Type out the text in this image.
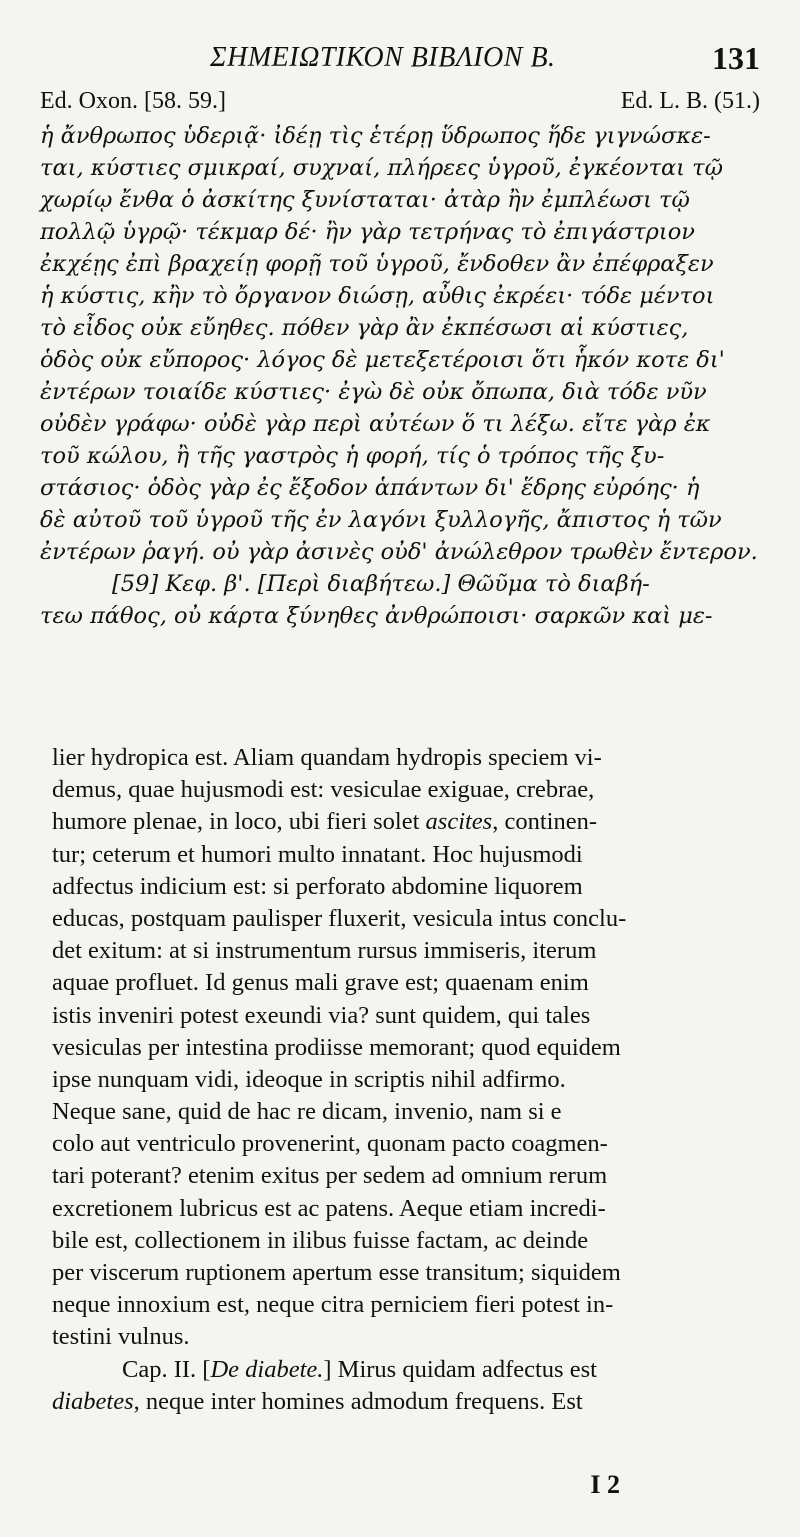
ΣΗΜΕΙΩΤΙΚΟΝ ΒΙΒΛΙΟΝ Β.	131
Ed. Oxon. [58. 59.]	Ed. L. B. (51.)
ἡ ἄνθρωπος ὑδεριᾷ· ἰδέῃ τὶς ἑτέρῃ ὕδρωπος ἥδε γιγνώσκε-
ται, κύστιες σμικραί, συχναί, πλήρεες ὑγροῦ, ἐγκέονται τῷ
χωρίῳ ἔνθα ὁ ἀσκίτης ξυνίσταται· ἀτὰρ ἢν ἐμπλέωσι τῷ
πολλῷ ὑγρῷ· τέκμαρ δέ· ἢν γὰρ τετρήνας τὸ ἐπιγάστριον
ἐκχέῃς ἐπὶ βραχείῃ φορῇ τοῦ ὑγροῦ, ἔνδοθεν ἂν ἐπέφραξεν
ἡ κύστις, κἢν τὸ ὄργανον διώσῃ, αὖθις ἐκρέει· τόδε μέντοι
τὸ εἶδος οὐκ εὔηθες. πόθεν γὰρ ἂν ἐκπέσωσι αἱ κύστιες,
ὁδὸς οὐκ εὔπορος· λόγος δὲ μετεξετέροισι ὅτι ἧκόν κοτε δι'
ἐντέρων τοιαίδε κύστιες· ἐγὼ δὲ οὐκ ὄπωπα, διὰ τόδε νῦν
οὐδὲν γράφω· οὐδὲ γὰρ περὶ αὐτέων ὅ τι λέξω. εἴτε γὰρ ἐκ
τοῦ κώλου, ἢ τῆς γαστρὸς ἡ φορή, τίς ὁ τρόπος τῆς ξυ-
στάσιος· ὁδὸς γὰρ ἐς ἔξοδον ἁπάντων δι' ἕδρης εὐρόης· ἡ
δὲ αὐτοῦ τοῦ ὑγροῦ τῆς ἐν λαγόνι ξυλλογῆς, ἄπιστος ἡ τῶν
ἐντέρων ῥαγή. οὐ γὰρ ἀσινὲς οὐδ' ἀνώλεθρον τρωθὲν ἔντερον.
[59] Κεφ. β'. [Περὶ διαβήτεω.] Θῶῦμα τὸ διαβή-
τεω πάθος, οὐ κάρτα ξύνηθες ἀνθρώποισι· σαρκῶν καὶ με-
lier hydropica est. Aliam quandam hydropis speciem vi-
demus, quae hujusmodi est: vesiculae exiguae, crebrae,
humore plenae, in loco, ubi fieri solet ascites, continen-
tur; ceterum et humori multo innatant. Hoc hujusmodi
adfectus indicium est: si perforato abdomine liquorem
educas, postquam paulisper fluxerit, vesicula intus conclu-
det exitum: at si instrumentum rursus immiseris, iterum
aquae profluet. Id genus mali grave est; quaenam enim
istis inveniri potest exeundi via? sunt quidem, qui tales
vesiculas per intestina prodiisse memorant; quod equidem
ipse nunquam vidi, ideoque in scriptis nihil adfirmo.
Neque sane, quid de hac re dicam, invenio, nam si e
colo aut ventriculo provenerint, quonam pacto coagmen-
tari poterant? etenim exitus per sedem ad omnium rerum
excretionem lubricus est ac patens. Aeque etiam incredi-
bile est, collectionem in ilibus fuisse factam, ac deinde
per viscerum ruptionem apertum esse transitum; siquidem
neque innoxium est, neque citra perniciem fieri potest in-
testini vulnus.
Cap. II. [De diabete.] Mirus quidam adfectus est
diabetes, neque inter homines admodum frequens. Est
I 2
